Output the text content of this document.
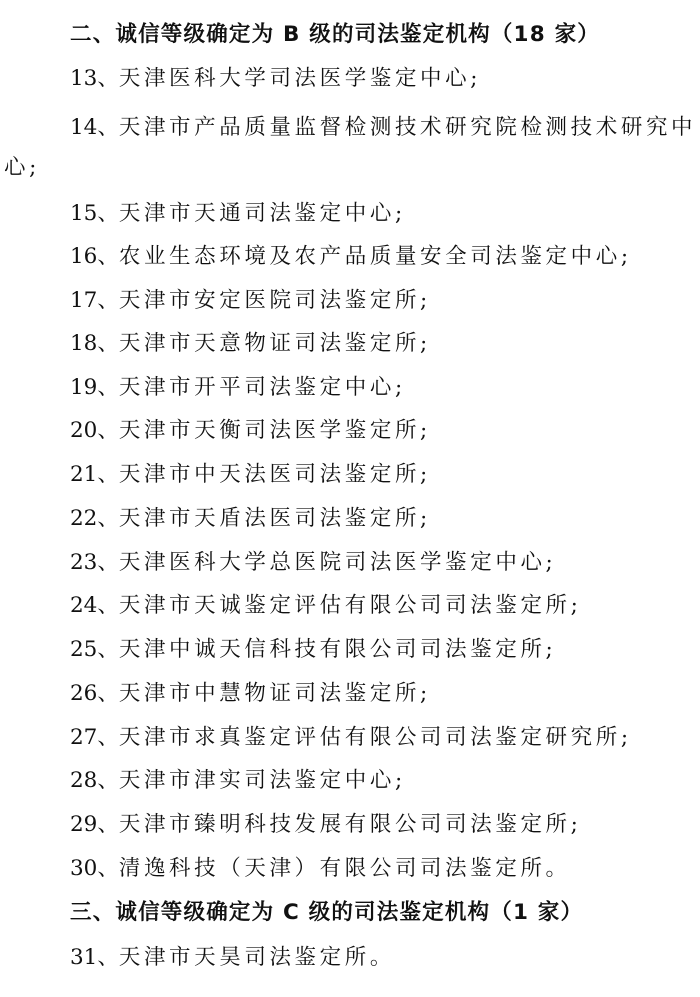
二、诚信等级确定为 B 级的司法鉴定机构（18 家）
13、天津医科大学司法医学鉴定中心;
14、天津市产品质量监督检测技术研究院检测技术研究中
心;
15、天津市天通司法鉴定中心;
16、农业生态环境及农产品质量安全司法鉴定中心;
17、天津市安定医院司法鉴定所;
18、天津市天意物证司法鉴定所;
19、天津市开平司法鉴定中心;
20、天津市天衡司法医学鉴定所;
21、天津市中天法医司法鉴定所;
22、天津市天盾法医司法鉴定所;
23、天津医科大学总医院司法医学鉴定中心;
24、天津市天诚鉴定评估有限公司司法鉴定所;
25、天津中诚天信科技有限公司司法鉴定所;
26、天津市中慧物证司法鉴定所;
27、天津市求真鉴定评估有限公司司法鉴定研究所;
28、天津市津实司法鉴定中心;
29、天津市臻明科技发展有限公司司法鉴定所;
30、清逸科技（天津）有限公司司法鉴定所。
三、诚信等级确定为 C 级的司法鉴定机构（1 家）
31、天津市天昊司法鉴定所。
